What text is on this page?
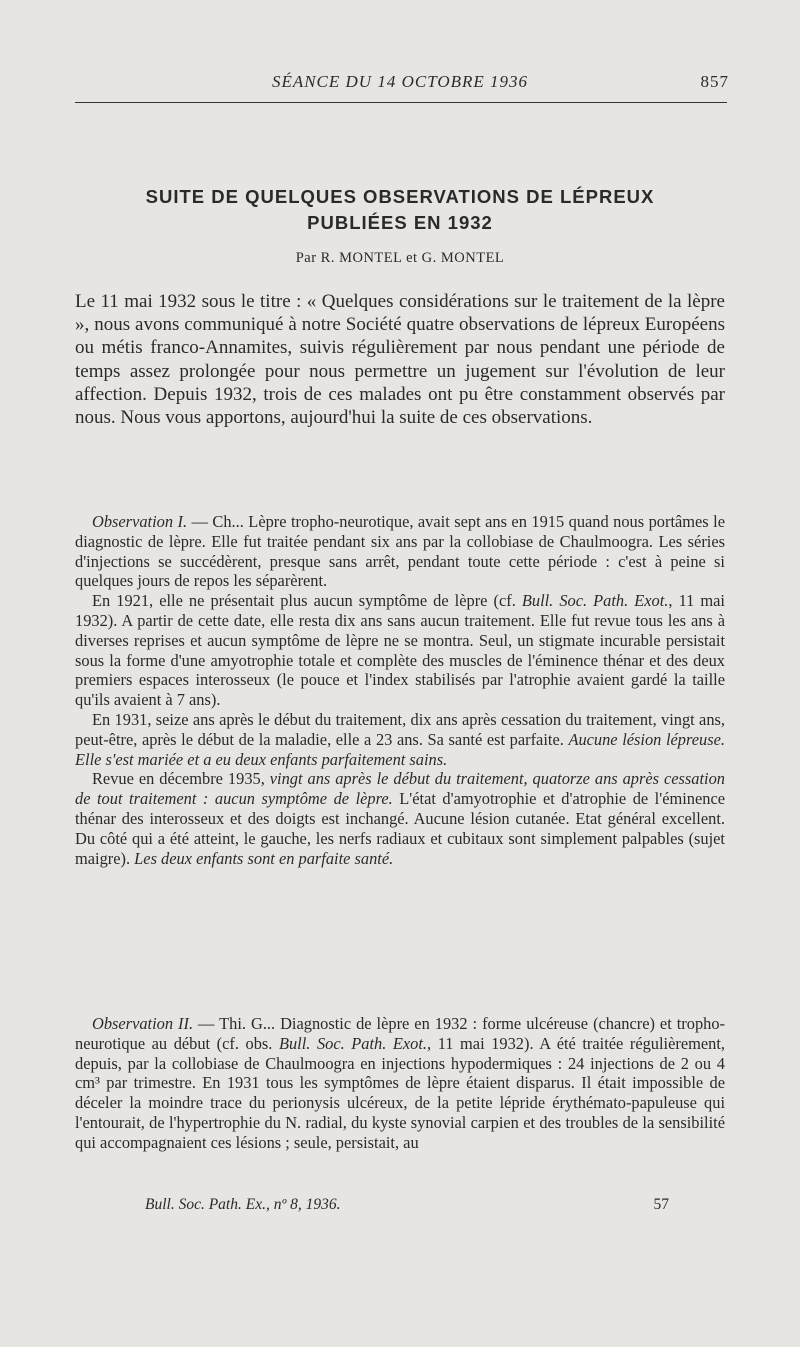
SÉANCE DU 14 OCTOBRE 1936	857
SUITE DE QUELQUES OBSERVATIONS DE LÉPREUX
PUBLIÉES EN 1932
Par R. MONTEL et G. MONTEL
Le 11 mai 1932 sous le titre : « Quelques considérations sur le traitement de la lèpre », nous avons communiqué à notre Société quatre observations de lépreux Européens ou métis franco-Annamites, suivis régulièrement par nous pendant une période de temps assez prolongée pour nous permettre un jugement sur l'évolution de leur affection. Depuis 1932, trois de ces malades ont pu être constamment observés par nous. Nous vous apportons, aujourd'hui la suite de ces observations.

Observation I. — Ch... Lèpre tropho-neurotique, avait sept ans en 1915 quand nous portâmes le diagnostic de lèpre. Elle fut traitée pendant six ans par la collobiase de Chaulmoogra. Les séries d'injections se succédèrent, presque sans arrêt, pendant toute cette période : c'est à peine si quelques jours de repos les séparèrent.

En 1921, elle ne présentait plus aucun symptôme de lèpre (cf. Bull. Soc. Path. Exot., 11 mai 1932). A partir de cette date, elle resta dix ans sans aucun traitement. Elle fut revue tous les ans à diverses reprises et aucun symptôme de lèpre ne se montra. Seul, un stigmate incurable persistait sous la forme d'une amyotrophie totale et complète des muscles de l'éminence thénar et des deux premiers espaces interosseux (le pouce et l'index stabilisés par l'atrophie avaient gardé la taille qu'ils avaient à 7 ans).

En 1931, seize ans après le début du traitement, dix ans après cessation du traitement, vingt ans, peut-être, après le début de la maladie, elle a 23 ans. Sa santé est parfaite. Aucune lésion lépreuse. Elle s'est mariée et a eu deux enfants parfaitement sains.

Revue en décembre 1935, vingt ans après le début du traitement, quatorze ans après cessation de tout traitement : aucun symptôme de lèpre. L'état d'amyotrophie et d'atrophie de l'éminence thénar des interosseux et des doigts est inchangé. Aucune lésion cutanée. Etat général excellent. Du côté qui a été atteint, le gauche, les nerfs radiaux et cubitaux sont simplement palpables (sujet maigre). Les deux enfants sont en parfaite santé.

Observation II. — Thi. G... Diagnostic de lèpre en 1932 : forme ulcéreuse (chancre) et tropho-neurotique au début (cf. obs. Bull. Soc. Path. Exot., 11 mai 1932). A été traitée régulièrement, depuis, par la collobiase de Chaulmoogra en injections hypodermiques : 24 injections de 2 ou 4 cm³ par trimestre. En 1931 tous les symptômes de lèpre étaient disparus. Il était impossible de déceler la moindre trace du perionysis ulcéreux, de la petite lépride érythémato-papuleuse qui l'entourait, de l'hypertrophie du N. radial, du kyste synovial carpien et des troubles de la sensibilité qui accompagnaient ces lésions ; seule, persistait, au

Bull. Soc. Path. Ex., nº 8, 1936.	57
